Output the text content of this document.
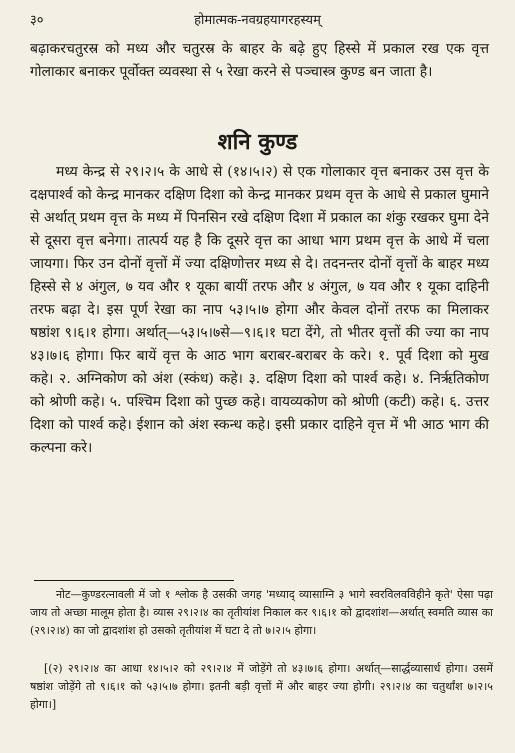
३०	होमात्मक-नवग्रहयागरहस्यम्

बढ़ाकरचतुरस्र को मध्य और चतुरस्र के बाहर के बढ़े हुए हिस्से में प्रकाल रख एक वृत्त गोलाकार बनाकर पूर्वोक्त व्यवस्था से ५ रेखा करने से पञ्चास्त्र कुण्ड बन जाता है।

शनि कुण्ड

मध्य केन्द्र से २९।२।५ के आधे से (१४।५।२) से एक गोलाकार वृत्त बनाकर उस वृत्त के दक्षपार्श्व को केन्द्र मानकर दक्षिण दिशा को केन्द्र मानकर प्रथम वृत्त के आधे से प्रकाल घुमाने से अर्थात् प्रथम वृत्त के मध्य में पिनसिन रखे दक्षिण दिशा में प्रकाल का शंकु रखकर घुमा देने से दूसरा वृत्त बनेगा। तात्पर्य यह है कि दूसरे वृत्त का आधा भाग प्रथम वृत्त के आधे में चला जायगा। फिर उन दोनों वृत्तों में ज्या दक्षिणोत्तर मध्य से दे। तदनन्तर दोनों वृत्तों के बाहर मध्य हिस्से से ४ अंगुल, ७ यव और १ यूका बायीं तरफ और ४ अंगुल, ७ यव और १ यूका दाहिनी तरफ बढ़ा दे। इस पूर्ण रेखा का नाप ५३।५।७ होगा और केवल दोनों तरफ का मिलाकर षष्ठांश ९।६।१ होगा। अर्थात्—५३।५।७से—९।६।१ घटा देंगे, तो भीतर वृत्तों की ज्या का नाप ४३।७।६ होगा। फिर बायें वृत्त के आठ भाग बराबर-बराबर के करे। १. पूर्व दिशा को मुख कहे। २. अग्निकोण को अंश (स्कंध) कहे। ३. दक्षिण दिशा को पार्श्व कहे। ४. निर्ऋतिकोण को श्रोणी कहे। ५. पश्चिम दिशा को पुच्छ कहे। वायव्यकोण को श्रोणी (कटी) कहे। ६. उत्तर दिशा को पार्श्व कहे। ईशान को अंश स्कन्ध कहे। इसी प्रकार दाहिने वृत्त में भी आठ भाग की कल्पना करे।

नोट—कुण्डरत्नावली में जो १ श्लोक है उसकी जगह 'मध्याद् व्यासाग्नि ३ भागे स्वरविलवविहीने कृते' ऐसा पढ़ा जाय तो अच्छा मालूम होता है। व्यास २९।२।४ का तृतीयांश निकाल कर ९।६।१ को द्वादशांश—अर्थात् स्वमति व्यास का (२९।२।४) का जो द्वादशांश हो उसको तृतीयांश में घटा दे तो ७।२।५ होगा।

[(२) २९।२।४ का आधा १४।५।२ को २९।२।४ में जोड़ेंगे तो ४३।७।६ होगा। अर्थात्—सार्द्धव्यासार्ध होगा। उसमें षष्ठांश जोड़ेंगे तो ९।६।१ को ५३।५।७ होगा। इतनी बड़ी वृत्तों में और बाहर ज्या होगी। २९।२।४ का चतुर्थांश ७।२।५ होगा।]
